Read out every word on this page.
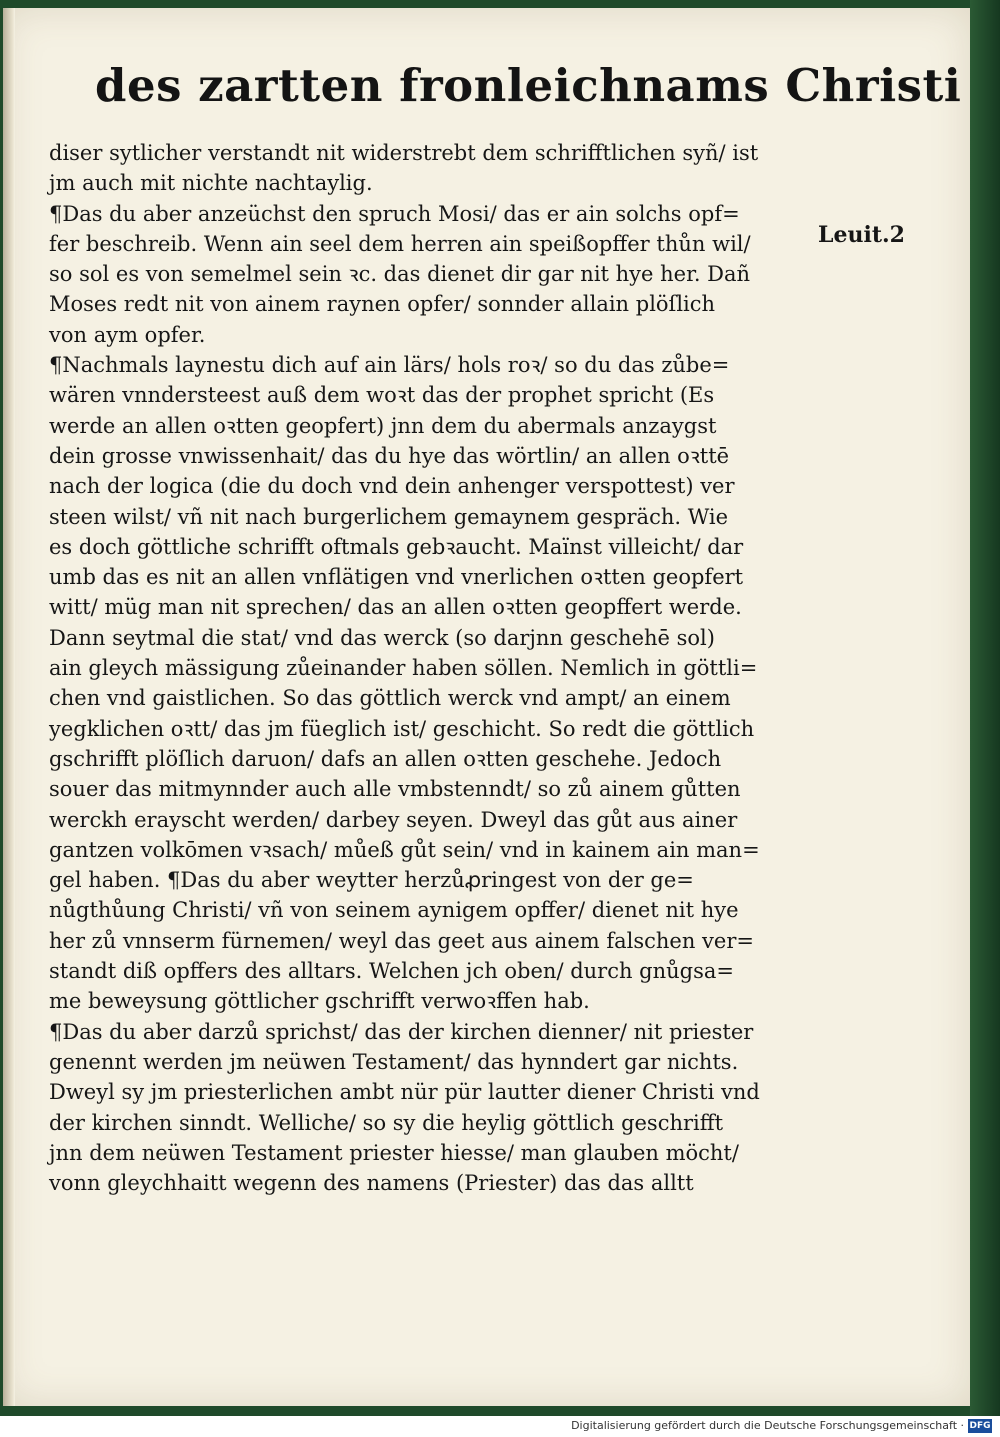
des zartten fronleichnams Christi
Leuit.2
diser sytlicher verstandt nit widerstrebt dem schrifftlichen syñ/ ist
jm auch mit nichte nachtaylig.
¶Das du aber anzeüchst den spruch Mosi/ das er ain solchs opf=
fer beschreib. Wenn ain seel dem herren ain speißopffer thůn wil/
so sol es von semelmel sein ꝛc. das dienet dir gar nit hye her. Dañ
Moses redt nit von ainem raynen opfer/ sonnder allain plöſlich
von aym opfer.
¶Nachmals laynestu dich auf ain lärs/ hols roꝛ/ so du das zůbe=
wären vnnderstееst auß dem woꝛt das der prophet spricht (Es
werde an allen oꝛtten geopfert) jnn dem du abermals anzaygst
dein grosse vnwissenhait/ das du hye das wörtlin/ an allen oꝛttē
nach der logica (die du doch vnd dein anhenger verspottest) ver
steen wilst/ vñ nit nach burgerlichem gemaynem gespräch. Wie
es doch göttliche schrifft oftmals gebꝛaucht. Maïnst villeicht/ dar
umb das es nit an allen vnflätigen vnd vnerlichen oꝛtten geopfert
witt/ müg man nit sprechen/ das an allen oꝛtten geopffert werde.
Dann seytmal die stat/ vnd das werck (so darjnn geschehē sol)
ain gleych mässigung zůeinander haben söllen. Nemlich in göttli=
chen vnd gaistlichen. So das göttlich werck vnd ampt/ an einem
yegklichen oꝛtt/ das jm füeglich ist/ geschicht. So redt die göttlich
gschrifft plöſlich daruon/ dafs an allen oꝛtten geschehe. Jedoch
souer das mitmynnder auch alle vmbstenndt/ so zů ainem gůtten
werckh erayscht werden/ darbey seyen. Dweyl das gůt aus ainer
gantzen volkōmen vꝛsach/ můeß gůt sein/ vnd in kainem ain man=
gel haben. ¶Das du aber weytter herzůꝓringest von der ge=
nůgthůung Christi/ vñ von seinem aynigem opffer/ dienet nit hye
her zů vnnserm fürnemen/ weyl das geet aus ainem falschen ver=
standt diß opffers des alltars. Welchen jch oben/ durch gnůgsa=
me beweysung göttlicher gschrifft verwoꝛffen hab.
¶Das du aber darzů sprichst/ das der kirchen dienner/ nit priester
genennt werden jm neüwen Testament/ das hynndert gar nichts.
Dweyl sy jm priesterlichen ambt nür pür lautter diener Christi vnd
der kirchen sinndt. Welliche/ so sy die heylig göttlich geschrifft
jnn dem neüwen Testament priester hiesse/ man glauben möcht/
vonn gleychhaitt wegenn des namens (Priester) das das alltt
Digitalisierung gefördert durch die Deutsche Forschungsgemeinschaft · DFG
